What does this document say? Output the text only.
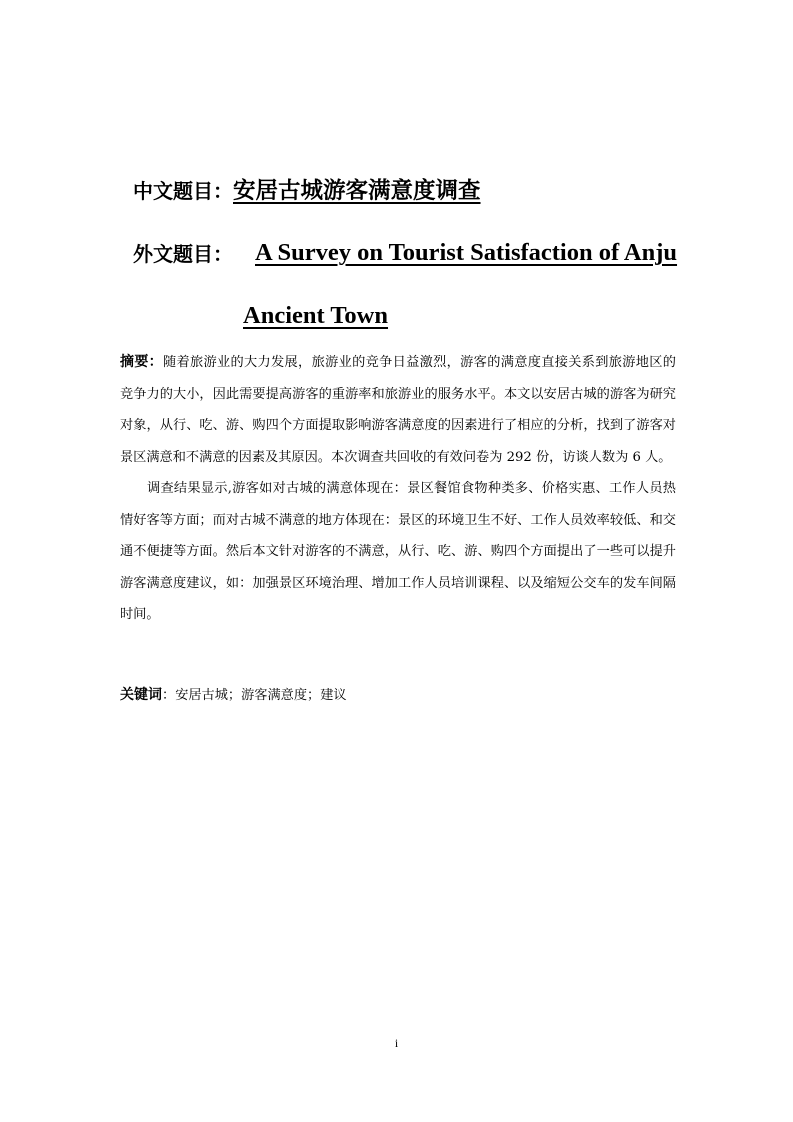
中文题目：安居古城游客满意度调查
外文题目： A Survey on Tourist Satisfaction of Anju
Ancient Town

摘要：随着旅游业的大力发展，旅游业的竞争日益激烈，游客的满意度直接关系到旅游地区的竞争力的大小，因此需要提高游客的重游率和旅游业的服务水平。本文以安居古城的游客为研究对象，从行、吃、游、购四个方面提取影响游客满意度的因素进行了相应的分析，找到了游客对景区满意和不满意的因素及其原因。本次调查共回收的有效问卷为 292 份，访谈人数为 6 人。

调查结果显示,游客如对古城的满意体现在：景区餐馆食物种类多、价格实惠、工作人员热情好客等方面；而对古城不满意的地方体现在：景区的环境卫生不好、工作人员效率较低、和交通不便捷等方面。然后本文针对游客的不满意，从行、吃、游、购四个方面提出了一些可以提升游客满意度建议，如：加强景区环境治理、增加工作人员培训课程、以及缩短公交车的发车间隔时间。

关键词：安居古城；游客满意度；建议
i
